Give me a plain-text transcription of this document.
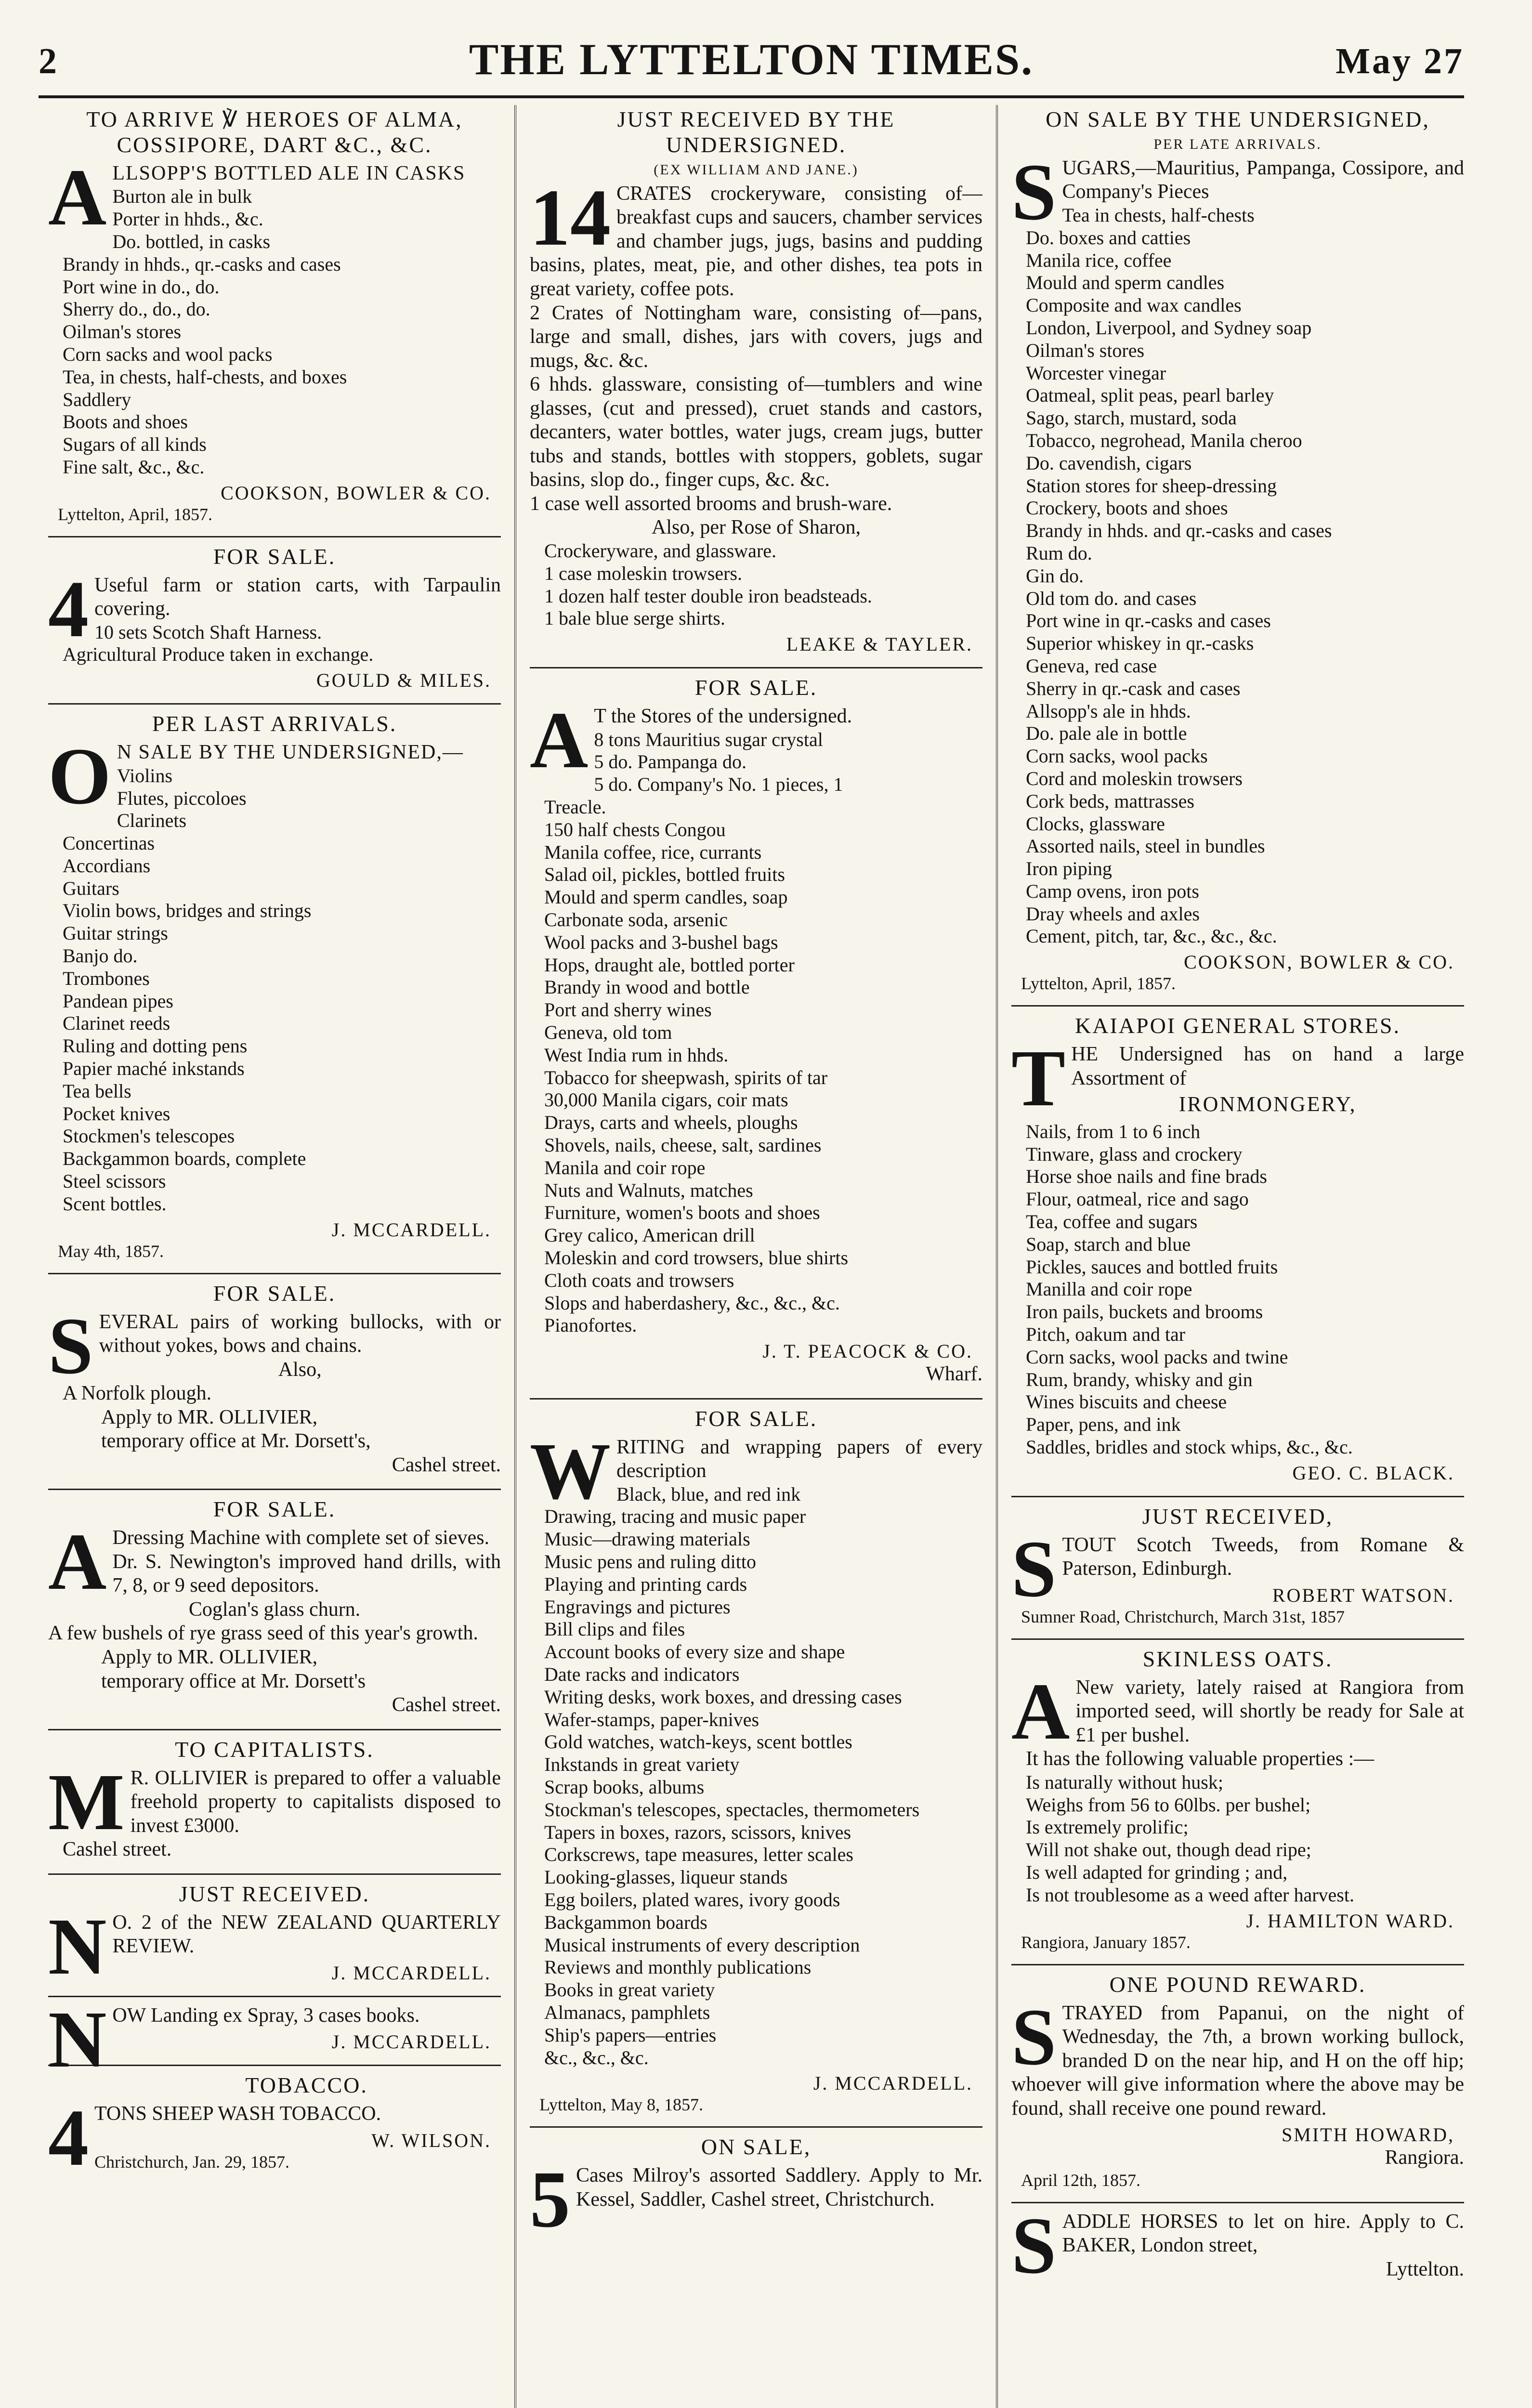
2	THE LYTTELTON TIMES.	May 27
TO ARRIVE ℣ HEROES OF ALMA, COSSIPORE, DART &C., &C.
A LLSOPP'S BOTTLED ALE IN CASKS
Burton ale in bulk
Porter in hhds., &c.
Do. bottled, in casks
Brandy in hhds., qr.-casks and cases
Port wine in do., do.
Sherry do., do., do.
Oilman's stores
Corn sacks and wool packs
Tea, in chests, half-chests, and boxes
Saddlery
Boots and shoes
Sugars of all kinds
Fine salt, &c., &c.
COOKSON, BOWLER & CO.
Lyttelton, April, 1857.
FOR SALE.
4 Useful farm or station carts, with Tarpaulin covering.
10 sets Scotch Shaft Harness.
Agricultural Produce taken in exchange.
GOULD & MILES.
PER LAST ARRIVALS.
O N SALE BY THE UNDERSIGNED,—
Violins
Flutes, piccoloes
Clarinets
Concertinas
Accordians
Guitars
Violin bows, bridges and strings
Guitar strings
Banjo do.
Trombones
Pandean pipes
Clarinet reeds
Ruling and dotting pens
Papier maché inkstands
Tea bells
Pocket knives
Stockmen's telescopes
Backgammon boards, complete
Steel scissors
Scent bottles.
J. MCCARDELL.
May 4th, 1857.
FOR SALE.
S EVERAL pairs of working bullocks, with or without yokes, bows and chains.
Also,
A Norfolk plough.
Apply to MR. OLLIVIER,
temporary office at Mr. Dorsett's,
Cashel street.
FOR SALE.
A Dressing Machine with complete set of sieves.
Dr. S. Newington's improved hand drills, with 7, 8, or 9 seed depositors.
Coglan's glass churn.
A few bushels of rye grass seed of this year's growth.
Apply to MR. OLLIVIER,
temporary office at Mr. Dorsett's
Cashel street.
TO CAPITALISTS.
M R. OLLIVIER is prepared to offer a valuable freehold property to capitalists disposed to invest £3000.
Cashel street.
JUST RECEIVED.
N O. 2 of the NEW ZEALAND QUARTERLY REVIEW.
J. MCCARDELL.
N OW Landing ex Spray, 3 cases books.
J. MCCARDELL.
TOBACCO.
4 TONS SHEEP WASH TOBACCO.
W. WILSON.
Christchurch, Jan. 29, 1857.
JUST RECEIVED BY THE UNDERSIGNED.
(EX WILLIAM AND JANE.)
14 CRATES crockeryware, consisting of—breakfast cups and saucers, chamber services and chamber jugs, jugs, basins and pudding basins, plates, meat, pie, and other dishes, tea pots in great variety, coffee pots.
2 Crates of Nottingham ware, consisting of—pans, large and small, dishes, jars with covers, jugs and mugs, &c. &c.
6 hhds. glassware, consisting of—tumblers and wine glasses, (cut and pressed), cruet stands and castors, decanters, water bottles, water jugs, cream jugs, butter tubs and stands, bottles with stoppers, goblets, sugar basins, slop do., finger cups, &c. &c.
1 case well assorted brooms and brush-ware.
Also, per Rose of Sharon,
Crockeryware, and glassware.
1 case moleskin trowsers.
1 dozen half tester double iron beadsteads.
1 bale blue serge shirts.
LEAKE & TAYLER.
FOR SALE.
A T the Stores of the undersigned.
8 tons Mauritius sugar crystal
5 do. Pampanga do.
5 do. Company's No. 1 pieces, 1
Treacle.
150 half chests Congou
Manila coffee, rice, currants
Salad oil, pickles, bottled fruits
Mould and sperm candles, soap
Carbonate soda, arsenic
Wool packs and 3-bushel bags
Hops, draught ale, bottled porter
Brandy in wood and bottle
Port and sherry wines
Geneva, old tom
West India rum in hhds.
Tobacco for sheepwash, spirits of tar
30,000 Manila cigars, coir mats
Drays, carts and wheels, ploughs
Shovels, nails, cheese, salt, sardines
Manila and coir rope
Nuts and Walnuts, matches
Furniture, women's boots and shoes
Grey calico, American drill
Moleskin and cord trowsers, blue shirts
Cloth coats and trowsers
Slops and haberdashery, &c., &c., &c.
Pianofortes.
J. T. PEACOCK & CO.
Wharf.
FOR SALE.
W RITING and wrapping papers of every description
Black, blue, and red ink
Drawing, tracing and music paper
Music—drawing materials
Music pens and ruling ditto
Playing and printing cards
Engravings and pictures
Bill clips and files
Account books of every size and shape
Date racks and indicators
Writing desks, work boxes, and dressing cases
Wafer-stamps, paper-knives
Gold watches, watch-keys, scent bottles
Inkstands in great variety
Scrap books, albums
Stockman's telescopes, spectacles, thermometers
Tapers in boxes, razors, scissors, knives
Corkscrews, tape measures, letter scales
Looking-glasses, liqueur stands
Egg boilers, plated wares, ivory goods
Backgammon boards
Musical instruments of every description
Reviews and monthly publications
Books in great variety
Almanacs, pamphlets
Ship's papers—entries
&c., &c., &c.
J. MCCARDELL.
Lyttelton, May 8, 1857.
ON SALE,
5 Cases Milroy's assorted Saddlery. Apply to Mr. Kessel, Saddler, Cashel street, Christchurch.
ON SALE BY THE UNDERSIGNED,
PER LATE ARRIVALS.
S UGARS,—Mauritius, Pampanga, Cossipore, and Company's Pieces
Tea in chests, half-chests
Do. boxes and catties
Manila rice, coffee
Mould and sperm candles
Composite and wax candles
London, Liverpool, and Sydney soap
Oilman's stores
Worcester vinegar
Oatmeal, split peas, pearl barley
Sago, starch, mustard, soda
Tobacco, negrohead, Manila cheroo
Do. cavendish, cigars
Station stores for sheep-dressing
Crockery, boots and shoes
Brandy in hhds. and qr.-casks and cases
Rum do.
Gin do.
Old tom do. and cases
Port wine in qr.-casks and cases
Superior whiskey in qr.-casks
Geneva, red case
Sherry in qr.-cask and cases
Allsopp's ale in hhds.
Do. pale ale in bottle
Corn sacks, wool packs
Cord and moleskin trowsers
Cork beds, mattrasses
Clocks, glassware
Assorted nails, steel in bundles
Iron piping
Camp ovens, iron pots
Dray wheels and axles
Cement, pitch, tar, &c., &c., &c.
COOKSON, BOWLER & CO.
Lyttelton, April, 1857.
KAIAPOI GENERAL STORES.
T HE Undersigned has on hand a large Assortment of
IRONMONGERY,
Nails, from 1 to 6 inch
Tinware, glass and crockery
Horse shoe nails and fine brads
Flour, oatmeal, rice and sago
Tea, coffee and sugars
Soap, starch and blue
Pickles, sauces and bottled fruits
Manilla and coir rope
Iron pails, buckets and brooms
Pitch, oakum and tar
Corn sacks, wool packs and twine
Rum, brandy, whisky and gin
Wines biscuits and cheese
Paper, pens, and ink
Saddles, bridles and stock whips, &c., &c.
GEO. C. BLACK.
JUST RECEIVED,
S TOUT Scotch Tweeds, from Romane & Paterson, Edinburgh.
ROBERT WATSON.
Sumner Road, Christchurch, March 31st, 1857
SKINLESS OATS.
A New variety, lately raised at Rangiora from imported seed, will shortly be ready for Sale at £1 per bushel.
It has the following valuable properties :—
Is naturally without husk;
Weighs from 56 to 60lbs. per bushel;
Is extremely prolific;
Will not shake out, though dead ripe;
Is well adapted for grinding ; and,
Is not troublesome as a weed after harvest.
J. HAMILTON WARD.
Rangiora, January 1857.
ONE POUND REWARD.
S TRAYED from Papanui, on the night of Wednesday, the 7th, a brown working bullock, branded D on the near hip, and H on the off hip; whoever will give information where the above may be found, shall receive one pound reward.
SMITH HOWARD,
Rangiora.
April 12th, 1857.
S ADDLE HORSES to let on hire. Apply to C. BAKER, London street,
Lyttelton.
